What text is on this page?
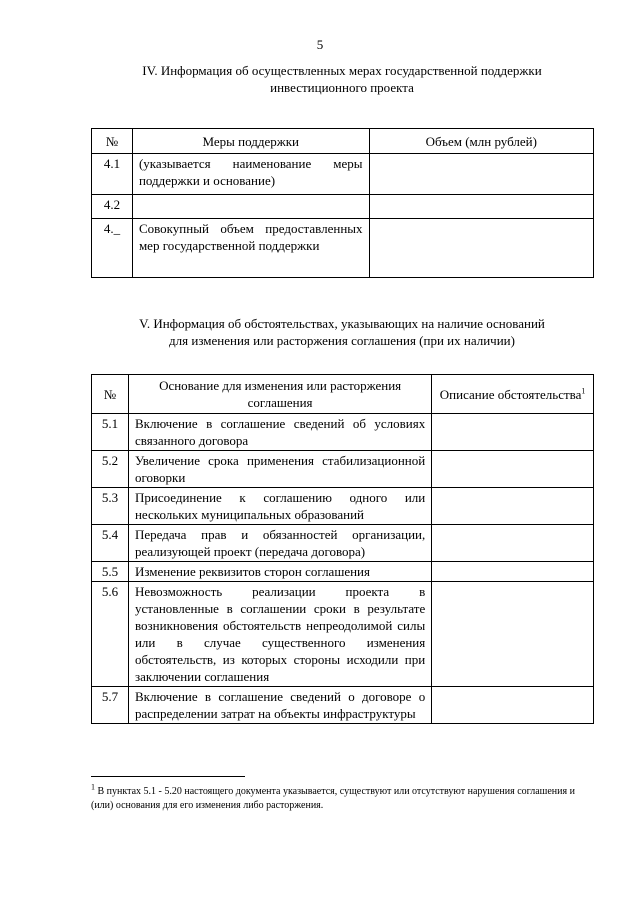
5
IV. Информация об осуществленных мерах государственной поддержки
инвестиционного проекта
№	Меры поддержки	Объем (млн рублей)
4.1	(указывается наименование меры поддержки и основание)	
4.2		
4._	Совокупный объем предоставленных мер государственной поддержки	
V. Информация об обстоятельствах, указывающих на наличие оснований
для изменения или расторжения соглашения (при их наличии)
№	Основание для изменения или расторжения соглашения	Описание обстоятельства$^1$
5.1	Включение в соглашение сведений об условиях связанного договора	
5.2	Увеличение срока применения стабилизационной оговорки	
5.3	Присоединение к соглашению одного или нескольких муниципальных образований	
5.4	Передача прав и обязанностей организации, реализующей проект (передача договора)	
5.5	Изменение реквизитов сторон соглашения	
5.6	Невозможность реализации проекта в установленные в соглашении сроки в результате возникновения обстоятельств непреодолимой силы или в случае существенного изменения обстоятельств, из которых стороны исходили при заключении соглашения	
5.7	Включение в соглашение сведений о договоре о распределении затрат на объекты инфраструктуры	
$^1$ В пунктах 5.1 - 5.20 настоящего документа указывается, существуют или отсутствуют нарушения соглашения и (или) основания для его изменения либо расторжения.
